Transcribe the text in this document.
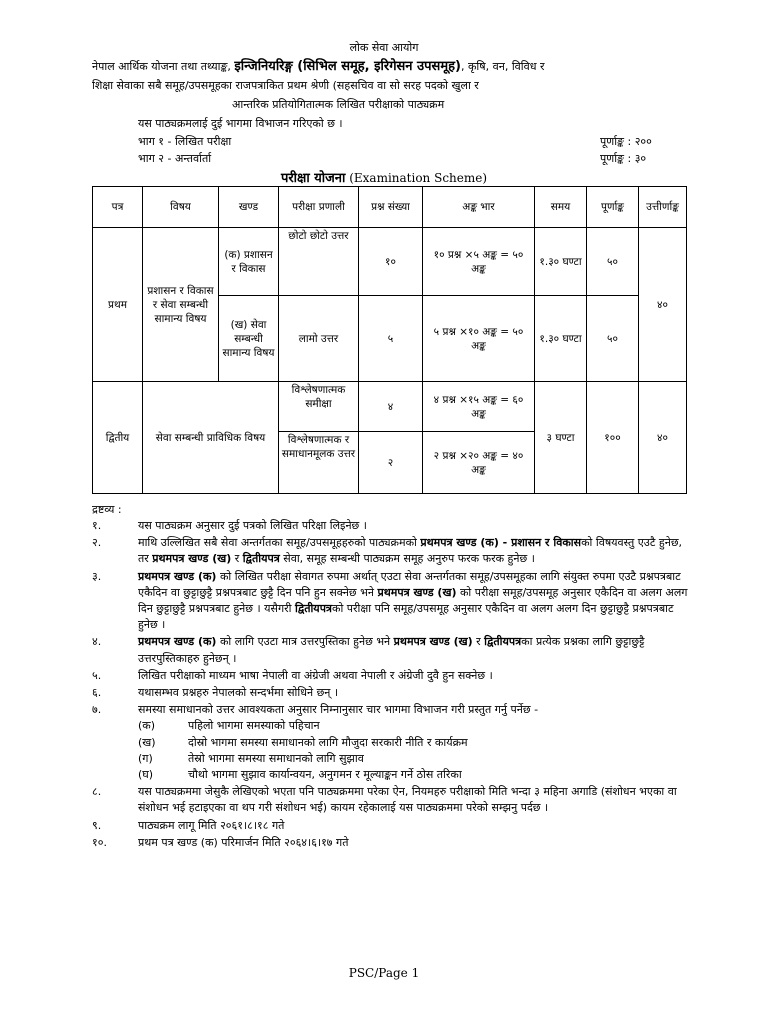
लोक सेवा आयोग
नेपाल आर्थिक योजना तथा तथ्याङ्क, इन्जिनियरिङ्ग (सिभिल समूह, इरिगेसन उपसमूह), कृषि, वन, विविध र
शिक्षा सेवाका सबै समूह/उपसमूहका राजपत्राकित प्रथम श्रेणी (सहसचिव वा सो सरह पदको खुला र
आन्तरिक प्रतियोगितात्मक लिखित परीक्षाको पाठ्यक्रम
यस पाठ्यक्रमलाई दुई भागमा विभाजन गरिएको छ ।
भाग १ - लिखित परीक्षा	पूर्णाङ्क : २००
भाग २ - अन्तर्वार्ता	पूर्णाङ्क : ३०
परीक्षा योजना (Examination Scheme)
पत्र	विषय	खण्ड	परीक्षा प्रणाली	प्रश्न संख्या	अङ्क भार	समय	पूर्णाङ्क	उत्तीर्णाङ्क
प्रथम	प्रशासन र विकास र सेवा सम्बन्धी सामान्य विषय	(क) प्रशासन र विकास	छोटो छोटो उत्तर	१०	१० प्रश्न ×५ अङ्क = ५० अङ्क	१.३० घण्टा	५०	४०
		(ख) सेवा सम्बन्धी सामान्य विषय	लामो उत्तर	५	५ प्रश्न ×१० अङ्क = ५० अङ्क	१.३० घण्टा	५०	
द्वितीय	सेवा सम्बन्धी प्राविधिक विषय		विश्लेषणात्मक समीक्षा	४	४ प्रश्न ×१५ अङ्क = ६० अङ्क	३ घण्टा	१००	४०
			विश्लेषणात्मक र समाधानमूलक उत्तर	२	२ प्रश्न ×२० अङ्क = ४० अङ्क			
द्रष्टव्य :
१.	यस पाठ्यक्रम अनुसार दुई पत्रको लिखित परिक्षा लिइनेछ ।
२.	माथि उल्लिखित सबै सेवा अन्तर्गतका समूह/उपसमूहहरुको पाठ्यक्रमको प्रथमपत्र खण्ड (क) - प्रशासन र विकासको विषयवस्तु एउटै हुनेछ, तर प्रथमपत्र खण्ड (ख) र द्वितीयपत्र सेवा, समूह सम्बन्धी पाठ्यक्रम समूह अनुरुप फरक फरक हुनेछ ।
३.	प्रथमपत्र खण्ड (क) को लिखित परीक्षा सेवागत रुपमा अर्थात् एउटा सेवा अन्तर्गतका समूह/उपसमूहका लागि संयुक्त रुपमा एउटै प्रश्नपत्रबाट एकैदिन वा छुट्टाछुट्टै प्रश्नपत्रबाट छुट्टै दिन पनि हुन सक्नेछ भने प्रथमपत्र खण्ड (ख) को परीक्षा समूह/उपसमूह अनुसार एकैदिन वा अलग अलग दिन छुट्टाछुट्टै प्रश्नपत्रबाट हुनेछ । यसैगरी द्वितीयपत्रको परीक्षा पनि समूह/उपसमूह अनुसार एकैदिन वा अलग अलग दिन छुट्टाछुट्टै प्रश्नपत्रबाट हुनेछ ।
४.	प्रथमपत्र खण्ड (क) को लागि एउटा मात्र उत्तरपुस्तिका हुनेछ भने प्रथमपत्र खण्ड (ख) र द्वितीयपत्रका प्रत्येक प्रश्नका लागि छुट्टाछुट्टै उत्तरपुस्तिकाहरु हुनेछन् ।
५.	लिखित परीक्षाको माध्यम भाषा नेपाली वा अंग्रेजी अथवा नेपाली र अंग्रेजी दुवै हुन सक्नेछ ।
६.	यथासम्भव प्रश्नहरु नेपालको सन्दर्भमा सोधिने छन् ।
७.	समस्या समाधानको उत्तर आवश्यकता अनुसार निम्नानुसार चार भागमा विभाजन गरी प्रस्तुत गर्नु पर्नेछ -
(क)	पहिलो भागमा समस्याको पहिचान
(ख)	दोस्रो भागमा समस्या समाधानको लागि मौजुदा सरकारी नीति र कार्यक्रम
(ग)	तेस्रो भागमा समस्या समाधानको लागि सुझाव
(घ)	चौथो भागमा सुझाव कार्यान्वयन, अनुगमन र मूल्याङ्कन गर्ने ठोस तरिका
८.	यस पाठ्यक्रममा जेसुकै लेखिएको भएता पनि पाठ्यक्रममा परेका ऐन, नियमहरु परीक्षाको मिति भन्दा ३ महिना अगाडि (संशोधन भएका वा संशोधन भई हटाइएका वा थप गरी संशोधन भई) कायम रहेकालाई यस पाठ्यक्रममा परेको सम्झनु पर्दछ ।
९.	पाठ्यक्रम लागू मिति २०६१।८।१८ गते
१०.	प्रथम पत्र खण्ड (क) परिमार्जन मिति २०६४।६।१७ गते
PSC/Page 1
